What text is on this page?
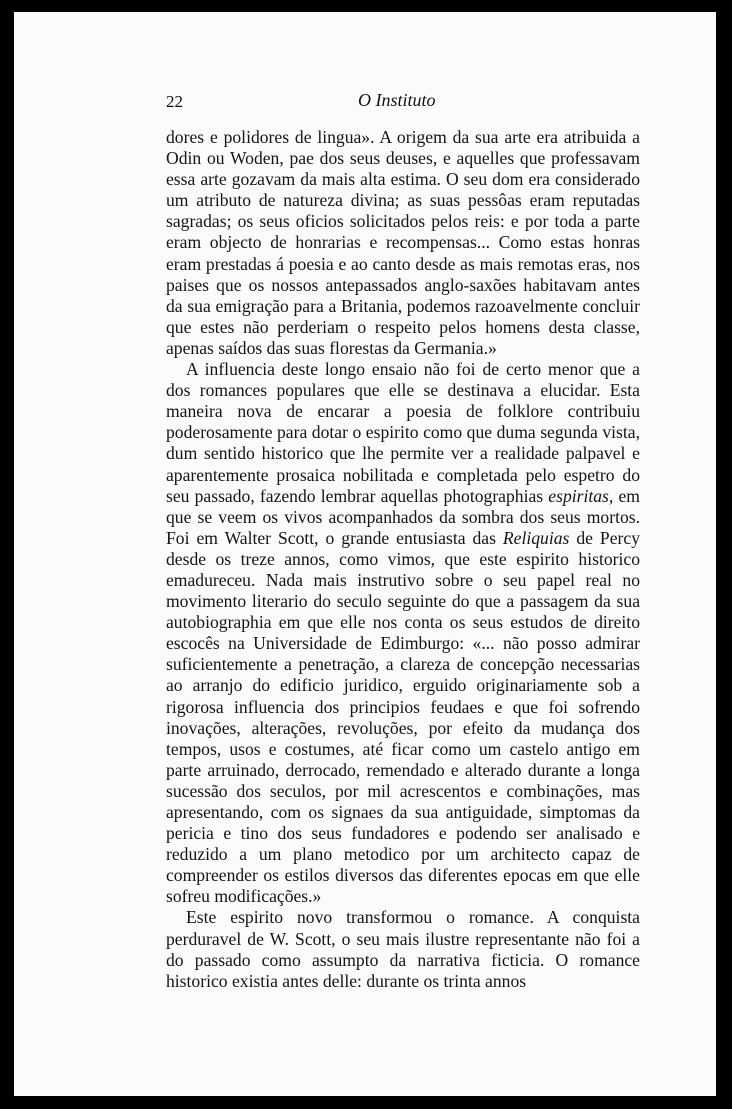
22	O Instituto

dores e polidores de lingua». A origem da sua arte era atribuida a Odin ou Woden, pae dos seus deuses, e aquelles que professavam essa arte gozavam da mais alta estima. O seu dom era considerado um atributo de natureza divina; as suas pessôas eram reputadas sagradas; os seus oficios solicitados pelos reis: e por toda a parte eram objecto de honrarias e recompensas... Como estas honras eram prestadas á poesia e ao canto desde as mais remotas eras, nos paises que os nossos antepassados anglo-saxões habitavam antes da sua emigração para a Britania, podemos razoavelmente concluir que estes não perderiam o respeito pelos homens desta classe, apenas saídos das suas florestas da Germania.»

A influencia deste longo ensaio não foi de certo menor que a dos romances populares que elle se destinava a elucidar. Esta maneira nova de encarar a poesia de folklore contribuiu poderosamente para dotar o espirito como que duma segunda vista, dum sentido historico que lhe permite ver a realidade palpavel e aparentemente prosaica nobilitada e completada pelo espetro do seu passado, fazendo lembrar aquellas photographias espiritas, em que se veem os vivos acompanhados da sombra dos seus mortos. Foi em Walter Scott, o grande entusiasta das Reliquias de Percy desde os treze annos, como vimos, que este espirito historico emadureceu. Nada mais instrutivo sobre o seu papel real no movimento literario do seculo seguinte do que a passagem da sua autobiographia em que elle nos conta os seus estudos de direito escocês na Universidade de Edimburgo: «... não posso admirar suficientemente a penetração, a clareza de concepção necessarias ao arranjo do edificio juridico, erguido originariamente sob a rigorosa influencia dos principios feudaes e que foi sofrendo inovações, alterações, revoluções, por efeito da mudança dos tempos, usos e costumes, até ficar como um castelo antigo em parte arruinado, derrocado, remendado e alterado durante a longa sucessão dos seculos, por mil acrescentos e combinações, mas apresentando, com os signaes da sua antiguidade, simptomas da pericia e tino dos seus fundadores e podendo ser analisado e reduzido a um plano metodico por um architecto capaz de compreender os estilos diversos das diferentes epocas em que elle sofreu modificações.»

Este espirito novo transformou o romance. A conquista perduravel de W. Scott, o seu mais ilustre representante não foi a do passado como assumpto da narrativa ficticia. O romance historico existia antes delle: durante os trinta annos
